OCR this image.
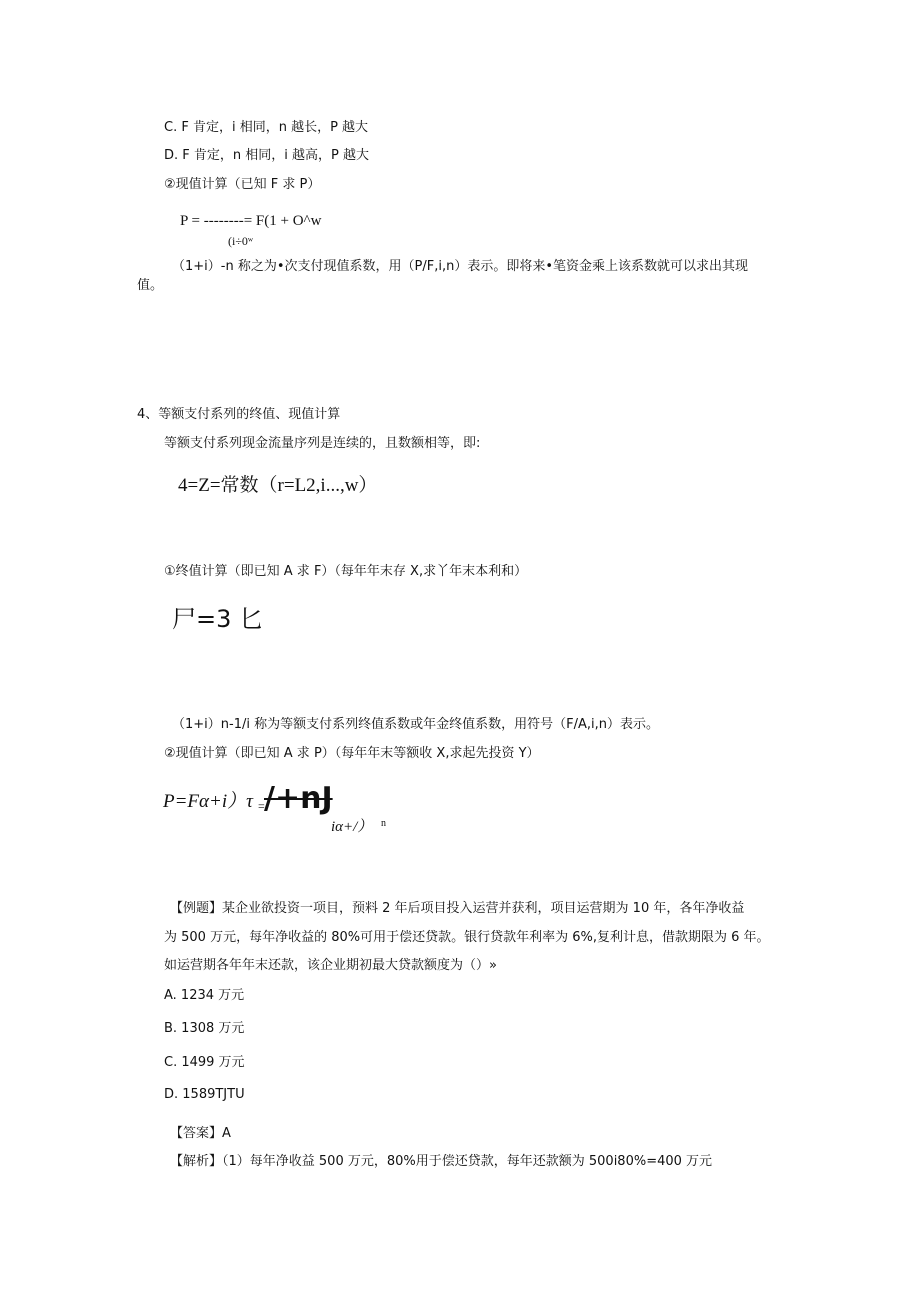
C. F 肯定，i 相同，n 越长，P 越大
D. F 肯定，n 相同，i 越高，P 越大
②现值计算（已知 F 求 P）
P = --------= F(1 + O^w
(i÷0ʷ
（1+i）-n 称之为•次支付现值系数，用（P/F,i,n）表示。即将来•笔资金乘上该系数就可以求出其现
值。
4、等额支付系列的终值、现值计算
等额支付系列现金流量序列是连续的，且数额相等，即:
4=Z=常数（r=L2,i...,w）
①终值计算（即已知 A 求 F）（每年年末存 X,求丫年末本利和）
尸=3 匕
（1+i）n-1/i 称为等额支付系列终值系数或年金终值系数，用符号（F/A,i,n）表示。
②现值计算（即已知 A 求 P）（每年年末等额收 X,求起先投资 Y）
P=Fα+i）τ = /+nJ
iα+/） n
【例题】某企业欲投资一项目，预料 2 年后项目投入运营并获利，项目运营期为 10 年，各年净收益
为 500 万元，每年净收益的 80%可用于偿还贷款。银行贷款年利率为 6%,复利计息，借款期限为 6 年。
如运营期各年年末还款，该企业期初最大贷款额度为（）»
A. 1234 万元
B. 1308 万元
C. 1499 万元
D. 1589TJTU
【答案】A
【解析】（1）每年净收益 500 万元，80%用于偿还贷款，每年还款额为 500i80%=400 万元
